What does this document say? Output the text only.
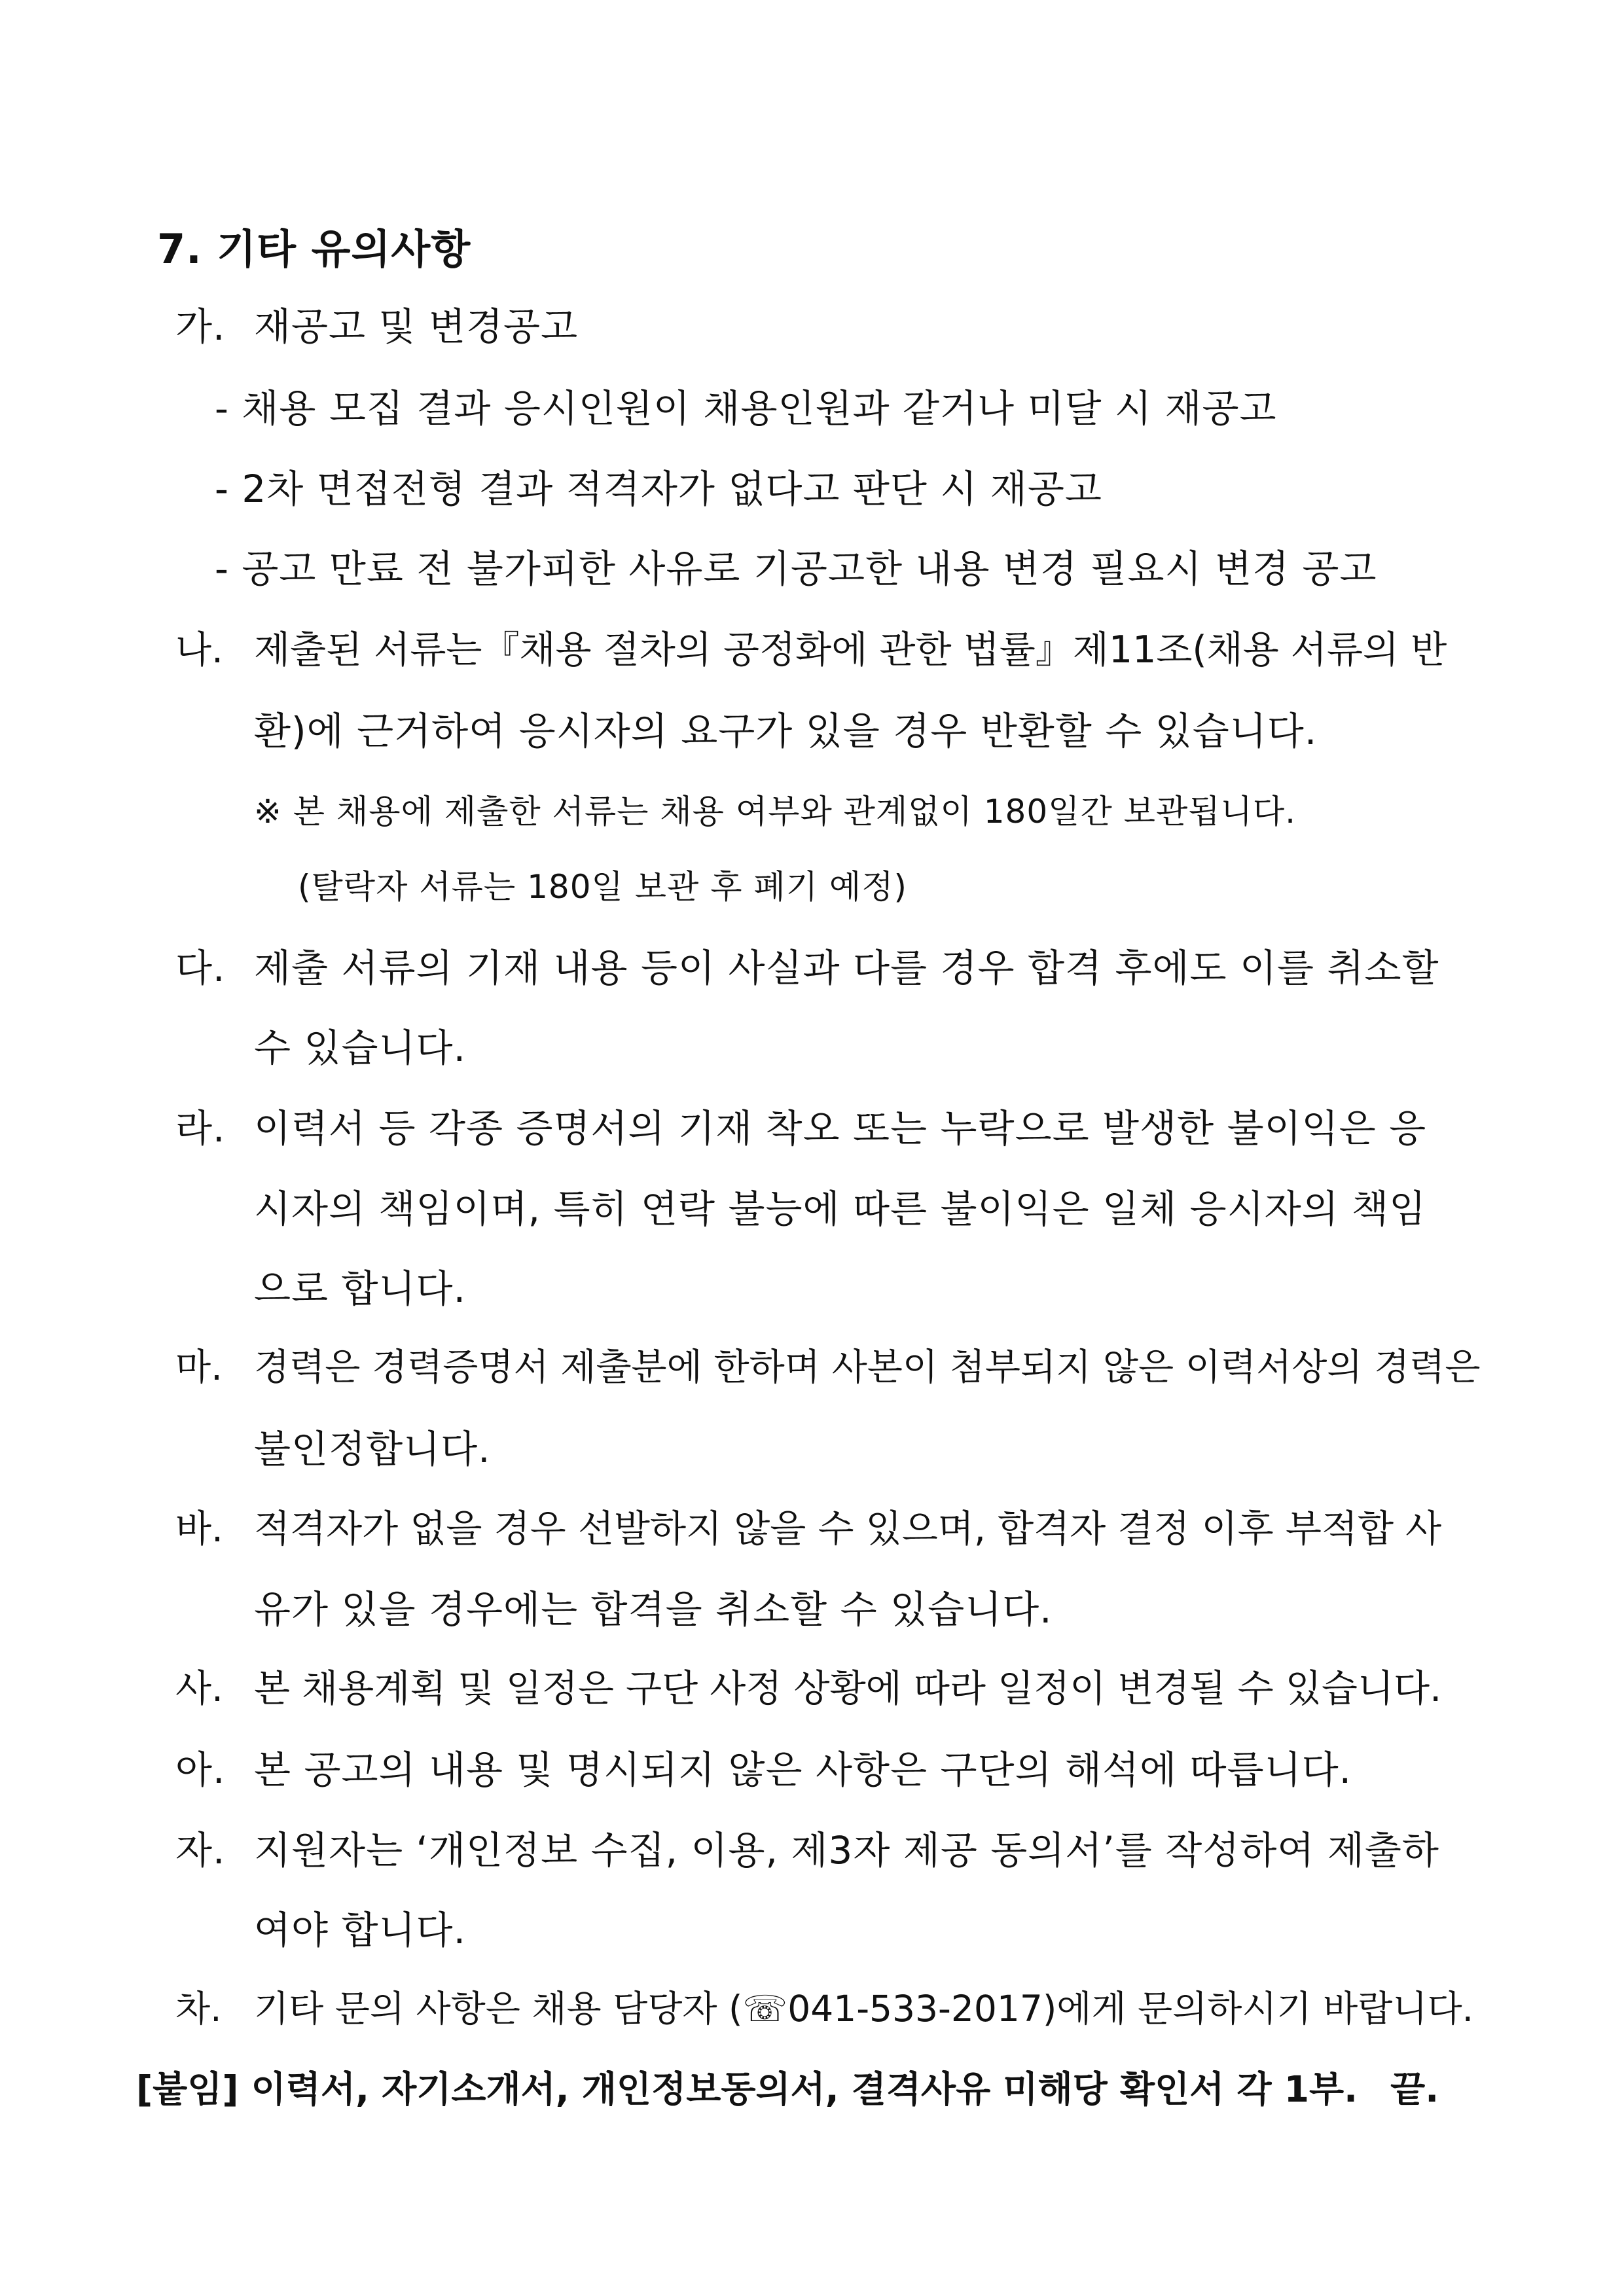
7. 기타 유의사항
가. 재공고 및 변경공고
- 채용 모집 결과 응시인원이 채용인원과 같거나 미달 시 재공고
- 2차 면접전형 결과 적격자가 없다고 판단 시 재공고
- 공고 만료 전 불가피한 사유로 기공고한 내용 변경 필요시 변경 공고
나. 제출된 서류는『채용 절차의 공정화에 관한 법률』제11조(채용 서류의 반
환)에 근거하여 응시자의 요구가 있을 경우 반환할 수 있습니다.
※ 본 채용에 제출한 서류는 채용 여부와 관계없이 180일간 보관됩니다.
(탈락자 서류는 180일 보관 후 폐기 예정)
다. 제출 서류의 기재 내용 등이 사실과 다를 경우 합격 후에도 이를 취소할
수 있습니다.
라. 이력서 등 각종 증명서의 기재 착오 또는 누락으로 발생한 불이익은 응
시자의 책임이며, 특히 연락 불능에 따른 불이익은 일체 응시자의 책임
으로 합니다.
마. 경력은 경력증명서 제출분에 한하며 사본이 첨부되지 않은 이력서상의 경력은
불인정합니다.
바. 적격자가 없을 경우 선발하지 않을 수 있으며, 합격자 결정 이후 부적합 사
유가 있을 경우에는 합격을 취소할 수 있습니다.
사. 본 채용계획 및 일정은 구단 사정 상황에 따라 일정이 변경될 수 있습니다.
아. 본 공고의 내용 및 명시되지 않은 사항은 구단의 해석에 따릅니다.
자. 지원자는 ‘개인정보 수집, 이용, 제3자 제공 동의서’를 작성하여 제출하
여야 합니다.
차. 기타 문의 사항은 채용 담당자 (☏041-533-2017)에게 문의하시기 바랍니다.
[붙임] 이력서, 자기소개서, 개인정보동의서, 결격사유 미해당 확인서 각 1부. 끝.
